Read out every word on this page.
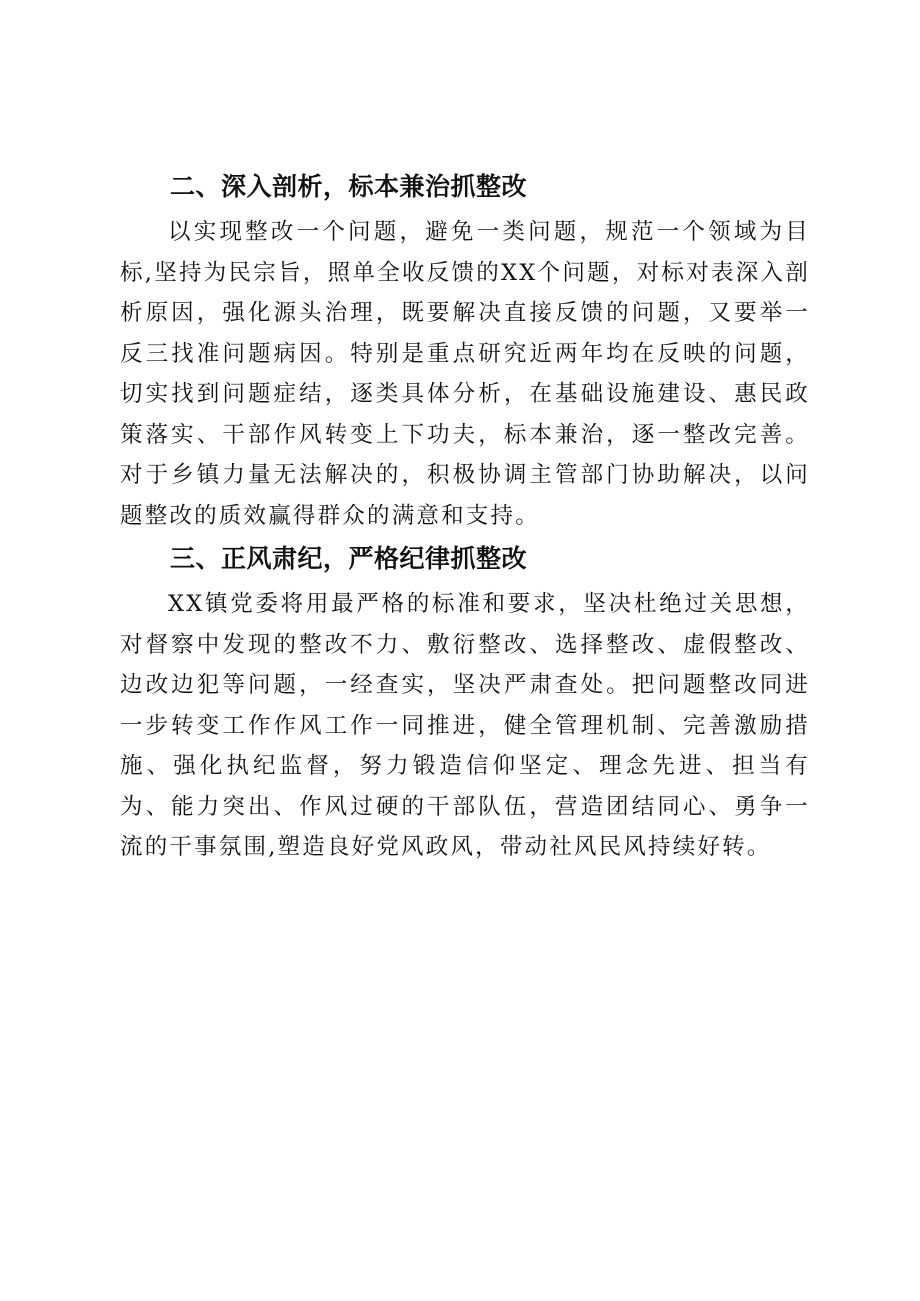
二、深入剖析，标本兼治抓整改

以实现整改一个问题，避免一类问题，规范一个领域为目标,坚持为民宗旨，照单全收反馈的XX个问题，对标对表深入剖析原因，强化源头治理，既要解决直接反馈的问题，又要举一反三找准问题病因。特别是重点研究近两年均在反映的问题，切实找到问题症结，逐类具体分析，在基础设施建设、惠民政策落实、干部作风转变上下功夫，标本兼治，逐一整改完善。对于乡镇力量无法解决的，积极协调主管部门协助解决，以问题整改的质效赢得群众的满意和支持。

三、正风肃纪，严格纪律抓整改

XX镇党委将用最严格的标准和要求，坚决杜绝过关思想，对督察中发现的整改不力、敷衍整改、选择整改、虚假整改、边改边犯等问题，一经查实，坚决严肃查处。把问题整改同进一步转变工作作风工作一同推进，健全管理机制、完善激励措施、强化执纪监督，努力锻造信仰坚定、理念先进、担当有为、能力突出、作风过硬的干部队伍，营造团结同心、勇争一流的干事氛围,塑造良好党风政风，带动社风民风持续好转。
